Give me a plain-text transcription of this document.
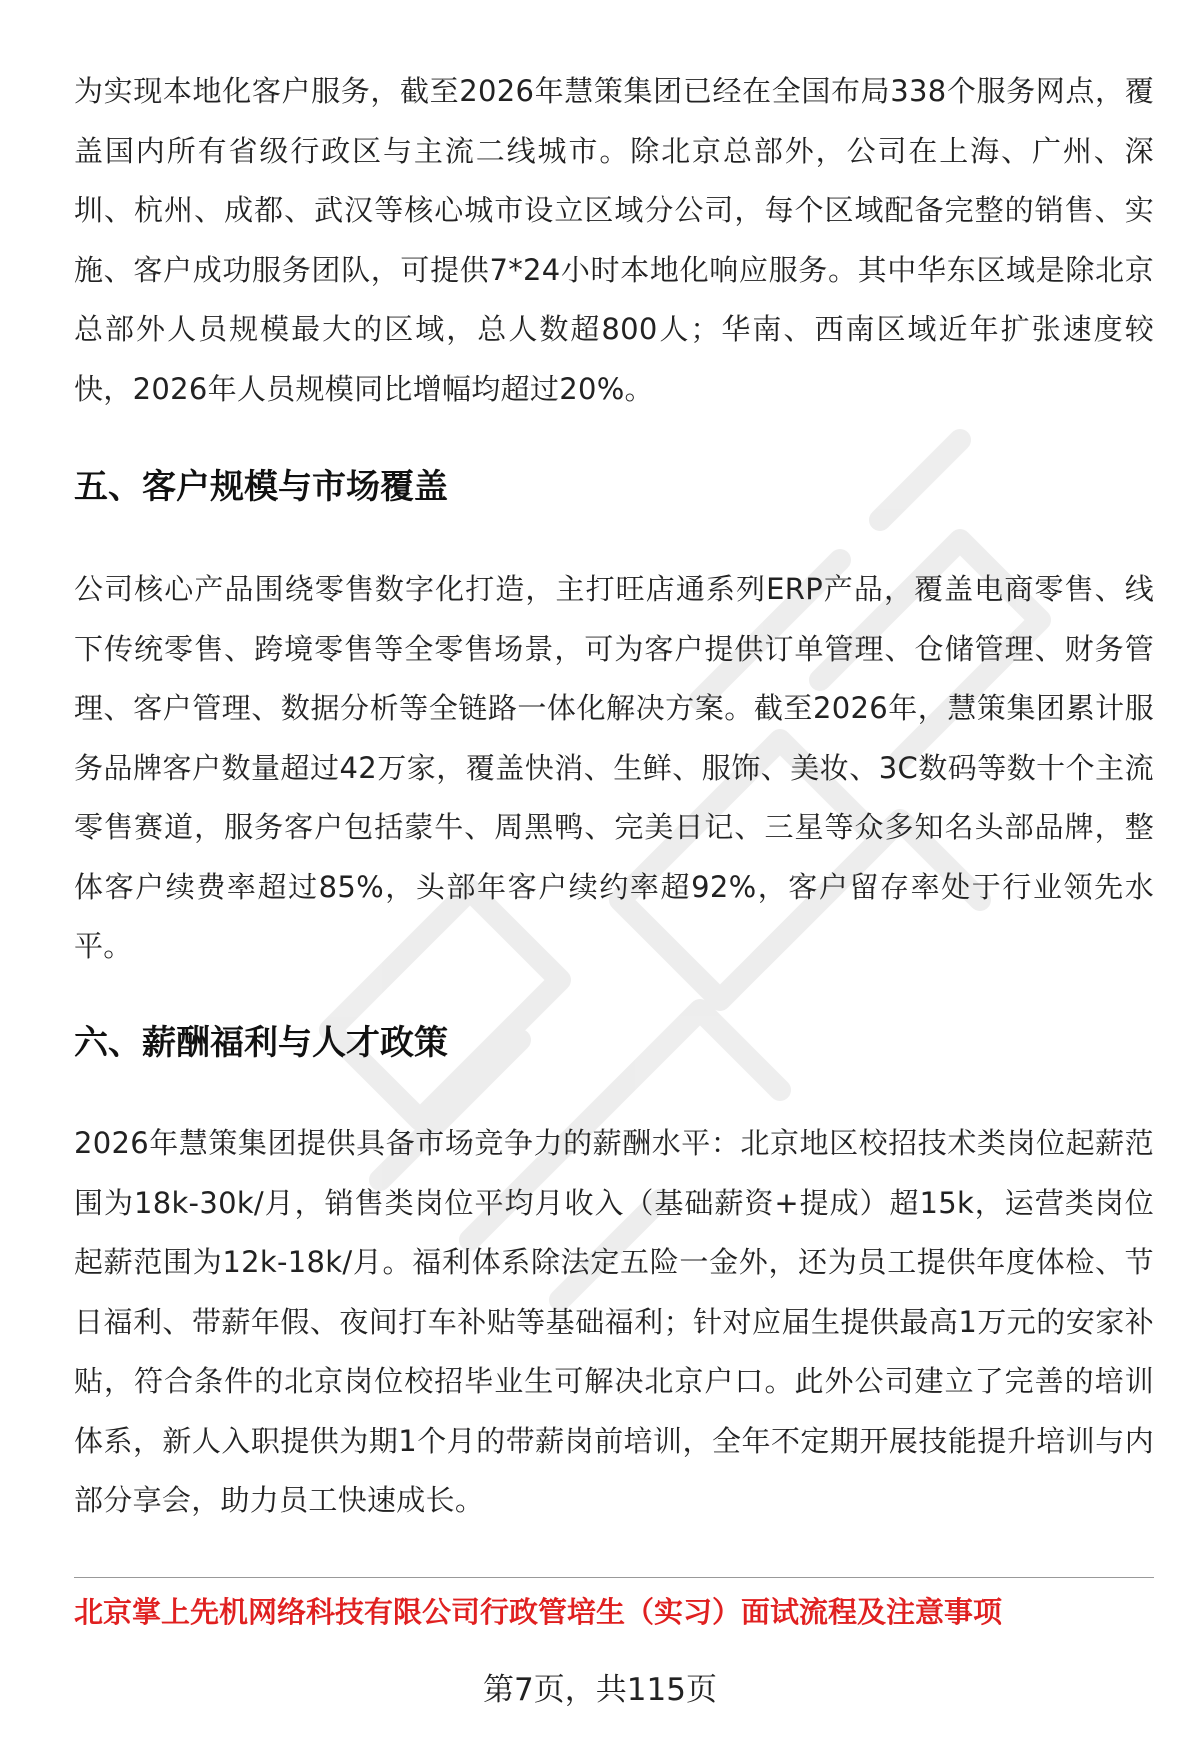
为实现本地化客户服务，截至2026年慧策集团已经在全国布局338个服务网点，覆盖国内所有省级行政区与主流二线城市。除北京总部外，公司在上海、广州、深圳、杭州、成都、武汉等核心城市设立区域分公司，每个区域配备完整的销售、实施、客户成功服务团队，可提供7*24小时本地化响应服务。其中华东区域是除北京总部外人员规模最大的区域，总人数超800人；华南、西南区域近年扩张速度较快，2026年人员规模同比增幅均超过20%。

五、客户规模与市场覆盖

公司核心产品围绕零售数字化打造，主打旺店通系列ERP产品，覆盖电商零售、线下传统零售、跨境零售等全零售场景，可为客户提供订单管理、仓储管理、财务管理、客户管理、数据分析等全链路一体化解决方案。截至2026年，慧策集团累计服务品牌客户数量超过42万家，覆盖快消、生鲜、服饰、美妆、3C数码等数十个主流零售赛道，服务客户包括蒙牛、周黑鸭、完美日记、三星等众多知名头部品牌，整体客户续费率超过85%，头部年客户续约率超92%，客户留存率处于行业领先水平。

六、薪酬福利与人才政策

2026年慧策集团提供具备市场竞争力的薪酬水平：北京地区校招技术类岗位起薪范围为18k-30k/月，销售类岗位平均月收入（基础薪资+提成）超15k，运营类岗位起薪范围为12k-18k/月。福利体系除法定五险一金外，还为员工提供年度体检、节日福利、带薪年假、夜间打车补贴等基础福利；针对应届生提供最高1万元的安家补贴，符合条件的北京岗位校招毕业生可解决北京户口。此外公司建立了完善的培训体系，新人入职提供为期1个月的带薪岗前培训，全年不定期开展技能提升培训与内部分享会，助力员工快速成长。

北京掌上先机网络科技有限公司行政管培生（实习）面试流程及注意事项
第7页，共115页
